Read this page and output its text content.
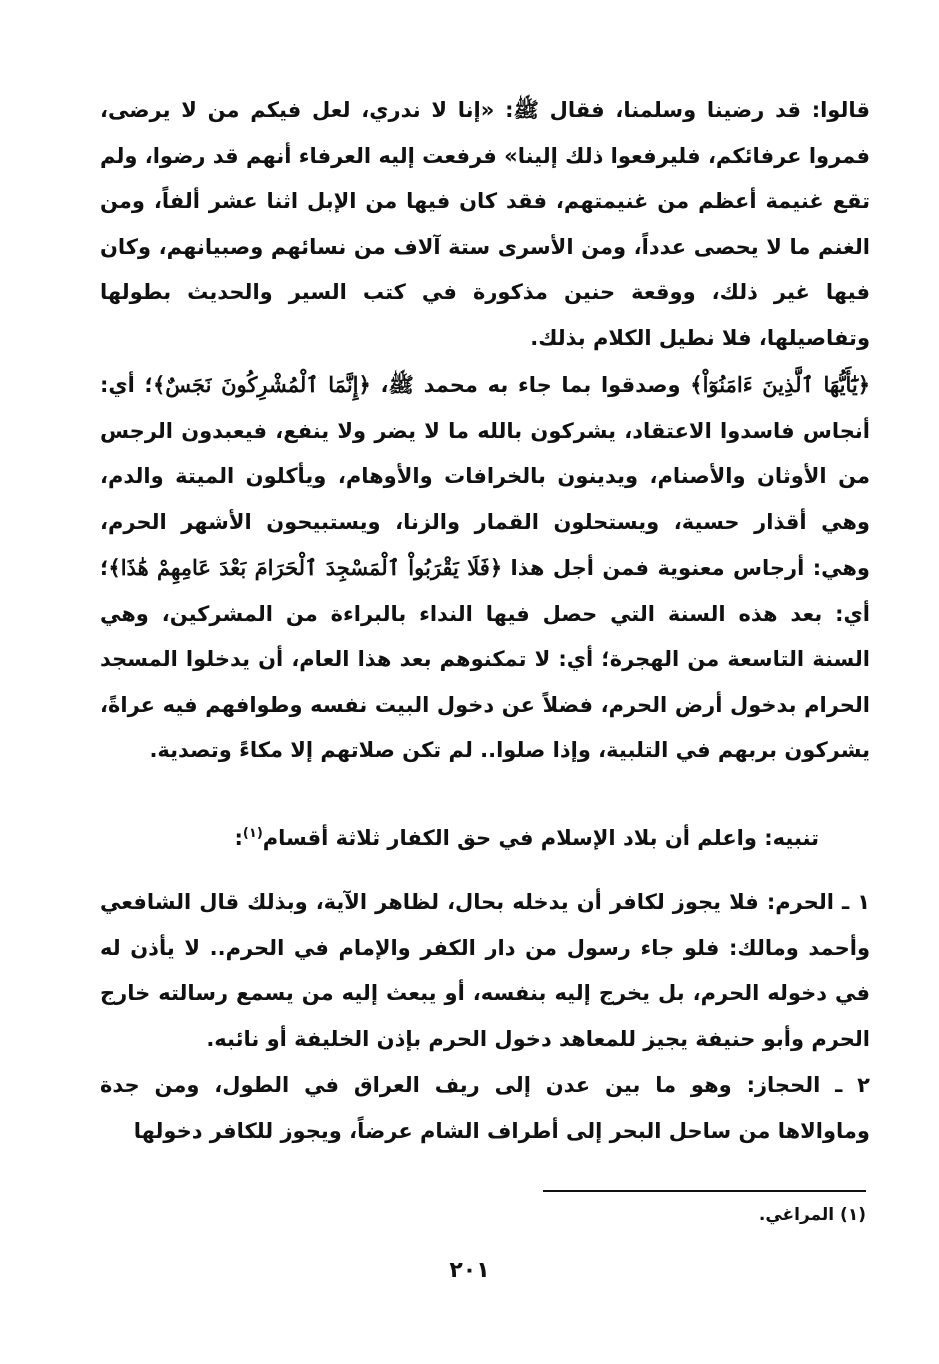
قالوا: قد رضينا وسلمنا، فقال ﷺ: «إنا لا ندري، لعل فيكم من لا يرضى، فمروا عرفائكم، فليرفعوا ذلك إلينا» فرفعت إليه العرفاء أنهم قد رضوا، ولم تقع غنيمة أعظم من غنيمتهم، فقد كان فيها من الإبل اثنا عشر ألفاً، ومن الغنم ما لا يحصى عدداً، ومن الأسرى ستة آلاف من نسائهم وصبيانهم، وكان فيها غير ذلك، ووقعة حنين مذكورة في كتب السير والحديث بطولها وتفاصيلها، فلا نطيل الكلام بذلك.

﴿يَٰٓأَيُّهَا ٱلَّذِينَ ءَامَنُوٓاْ﴾ وصدقوا بما جاء به محمد ﷺ، ﴿إِنَّمَا ٱلْمُشْرِكُونَ نَجَسٌ﴾؛ أي: أنجاس فاسدوا الاعتقاد، يشركون بالله ما لا يضر ولا ينفع، فيعبدون الرجس من الأوثان والأصنام، ويدينون بالخرافات والأوهام، ويأكلون الميتة والدم، وهي أقذار حسية، ويستحلون القمار والزنا، ويستبيحون الأشهر الحرم، وهي: أرجاس معنوية فمن أجل هذا ﴿فَلَا يَقْرَبُواْ ٱلْمَسْجِدَ ٱلْحَرَامَ بَعْدَ عَامِهِمْ هَٰذَا﴾؛ أي: بعد هذه السنة التي حصل فيها النداء بالبراءة من المشركين، وهي السنة التاسعة من الهجرة؛ أي: لا تمكنوهم بعد هذا العام، أن يدخلوا المسجد الحرام بدخول أرض الحرم، فضلاً عن دخول البيت نفسه وطوافهم فيه عراةً، يشركون بربهم في التلبية، وإذا صلوا.. لم تكن صلاتهم إلا مكاءً وتصدية.

تنبيه: واعلم أن بلاد الإسلام في حق الكفار ثلاثة أقسام$^{(١)}$:

١ ـ الحرم: فلا يجوز لكافر أن يدخله بحال، لظاهر الآية، وبذلك قال الشافعي وأحمد ومالك: فلو جاء رسول من دار الكفر والإمام في الحرم.. لا يأذن له في دخوله الحرم، بل يخرج إليه بنفسه، أو يبعث إليه من يسمع رسالته خارج الحرم وأبو حنيفة يجيز للمعاهد دخول الحرم بإذن الخليفة أو نائبه.

٢ ـ الحجاز: وهو ما بين عدن إلى ريف العراق في الطول، ومن جدة وماوالاها من ساحل البحر إلى أطراف الشام عرضاً، ويجوز للكافر دخولها

(١) المراغي.

٢٠١
